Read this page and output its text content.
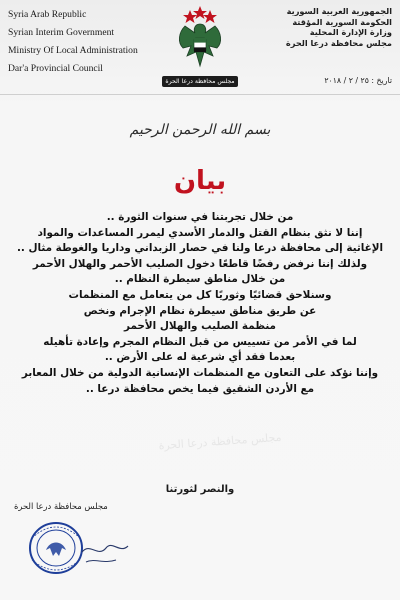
Syria Arab Republic
Syrian Interim Government
Ministry Of Local Administration
Dar'a Provincial Council
مجلس محافظة درعا الحرة
الجمهورية العربية السورية
الحكومة السورية المؤقتة
وزارة الإدارة المحلية
مجلس محافظة درعا الحرة
تاريخ : ٢٥ / ٢ / ٢٠١٨
بسم الله الرحمن الرحيم
بيان
مجلس محافظة درعا الحرة

من خلال تجربتنا في سنوات الثورة ..

إننا لا نثق بنظام القتل والدمار الأسدي ليمرر المساعدات والمواد

الإغاثية إلى محافظة درعا ولنا في حصار الزبداني وداريا والغوطة مثال ..

ولذلك إننا نرفض رفضًا قاطعًا دخول الصليب الأحمر والهلال الأحمر

من خلال مناطق سيطرة النظام ..

وسنلاحق قضائيًا وثوريًا كل من يتعامل مع المنظمات

عن طريق مناطق سيطرة نظام الإجرام ونخص

منظمة الصليب والهلال الأحمر

لما في الأمر من تسييس من قبل النظام المجرم وإعادة تأهيله

بعدما فقد أي شرعية له على الأرض ..

وإننا نؤكد على التعاون مع المنظمات الإنسانية الدولية من خلال المعابر

مع الأردن الشقيق فيما يخص محافظة درعا ..

والنصر لثورتنا
مجلس محافظة درعا الحرة
